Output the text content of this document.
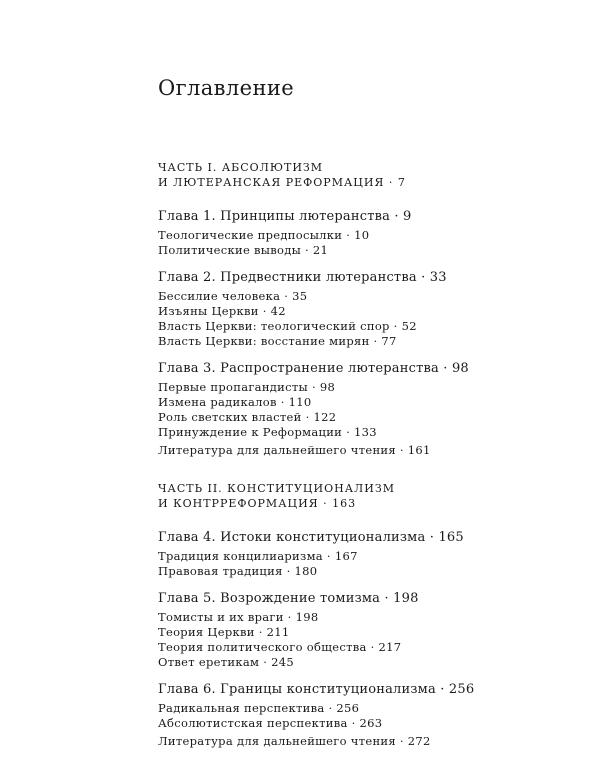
Оглавление
ЧАСТЬ I. АБСОЛЮТИЗМ
И ЛЮТЕРАНСКАЯ РЕФОРМАЦИЯ · 7
Глава 1. Принципы лютеранства · 9
Теологические предпосылки · 10
Политические выводы · 21
Глава 2. Предвестники лютеранства · 33
Бессилие человека · 35
Изъяны Церкви · 42
Власть Церкви: теологический спор · 52
Власть Церкви: восстание мирян · 77
Глава 3. Распространение лютеранства · 98
Первые пропагандисты · 98
Измена радикалов · 110
Роль светских властей · 122
Принуждение к Реформации · 133
Литература для дальнейшего чтения · 161
ЧАСТЬ II. КОНСТИТУЦИОНАЛИЗМ
И КОНТРРЕФОРМАЦИЯ · 163
Глава 4. Истоки конституционализма · 165
Традиция концилиаризма · 167
Правовая традиция · 180
Глава 5. Возрождение томизма · 198
Томисты и их враги · 198
Теория Церкви · 211
Теория политического общества · 217
Ответ еретикам · 245
Глава 6. Границы конституционализма · 256
Радикальная перспектива · 256
Абсолютистская перспектива · 263
Литература для дальнейшего чтения · 272
